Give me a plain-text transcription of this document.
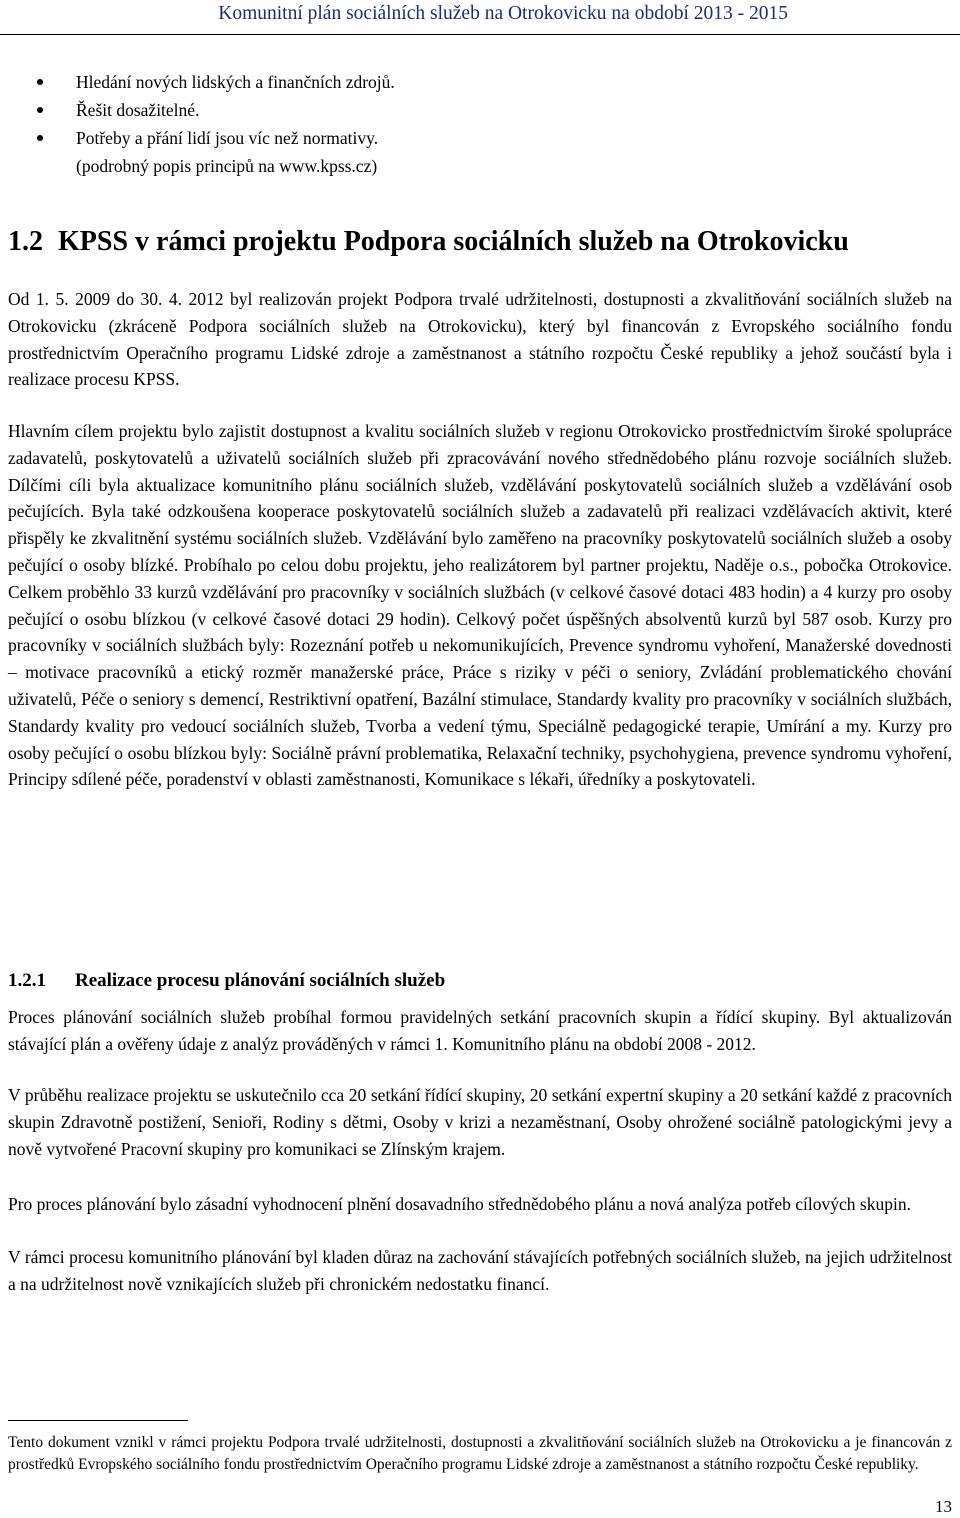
Komunitní plán sociálních služeb na Otrokovicku na období 2013 - 2015
Hledání nových lidských a finančních zdrojů.
Řešit dosažitelné.
Potřeby a přání lidí jsou víc než normativy.
(podrobný popis principů na www.kpss.cz)
1.2 KPSS v rámci projektu Podpora sociálních služeb na Otrokovicku

Od 1. 5. 2009 do 30. 4. 2012 byl realizován projekt Podpora trvalé udržitelnosti, dostupnosti a zkvalitňování sociálních služeb na Otrokovicku (zkráceně Podpora sociálních služeb na Otrokovicku), který byl financován z Evropského sociálního fondu prostřednictvím Operačního programu Lidské zdroje a zaměstnanost a státního rozpočtu České republiky a jehož součástí byla i realizace procesu KPSS.

Hlavním cílem projektu bylo zajistit dostupnost a kvalitu sociálních služeb v regionu Otrokovicko prostřednictvím široké spolupráce zadavatelů, poskytovatelů a uživatelů sociálních služeb při zpracovávání nového střednědobého plánu rozvoje sociálních služeb. Dílčími cíli byla aktualizace komunitního plánu sociálních služeb, vzdělávání poskytovatelů sociálních služeb a vzdělávání osob pečujících. Byla také odzkoušena kooperace poskytovatelů sociálních služeb a zadavatelů při realizaci vzdělávacích aktivit, které přispěly ke zkvalitnění systému sociálních služeb. Vzdělávání bylo zaměřeno na pracovníky poskytovatelů sociálních služeb a osoby pečující o osoby blízké. Probíhalo po celou dobu projektu, jeho realizátorem byl partner projektu, Naděje o.s., pobočka Otrokovice. Celkem proběhlo 33 kurzů vzdělávání pro pracovníky v sociálních službách (v celkové časové dotaci 483 hodin) a 4 kurzy pro osoby pečující o osobu blízkou (v celkové časové dotaci 29 hodin). Celkový počet úspěšných absolventů kurzů byl 587 osob. Kurzy pro pracovníky v sociálních službách byly: Rozeznání potřeb u nekomunikujících, Prevence syndromu vyhoření, Manažerské dovednosti – motivace pracovníků a etický rozměr manažerské práce, Práce s riziky v péči o seniory, Zvládání problematického chování uživatelů, Péče o seniory s demencí, Restriktivní opatření, Bazální stimulace, Standardy kvality pro pracovníky v sociálních službách, Standardy kvality pro vedoucí sociálních služeb, Tvorba a vedení týmu, Speciálně pedagogické terapie, Umírání a my. Kurzy pro osoby pečující o osobu blízkou byly: Sociálně právní problematika, Relaxační techniky, psychohygiena, prevence syndromu vyhoření, Principy sdílené péče, poradenství v oblasti zaměstnanosti, Komunikace s lékaři, úředníky a poskytovateli.

1.2.1 Realizace procesu plánování sociálních služeb

Proces plánování sociálních služeb probíhal formou pravidelných setkání pracovních skupin a řídící skupiny. Byl aktualizován stávající plán a ověřeny údaje z analýz prováděných v rámci 1. Komunitního plánu na období 2008 - 2012.

V průběhu realizace projektu se uskutečnilo cca 20 setkání řídící skupiny, 20 setkání expertní skupiny a 20 setkání každé z pracovních skupin Zdravotně postižení, Senioři, Rodiny s dětmi, Osoby v krizi a nezaměstnaní, Osoby ohrožené sociálně patologickými jevy a nově vytvořené Pracovní skupiny pro komunikaci se Zlínským krajem.

Pro proces plánování bylo zásadní vyhodnocení plnění dosavadního střednědobého plánu a nová analýza potřeb cílových skupin.

V rámci procesu komunitního plánování byl kladen důraz na zachování stávajících potřebných sociálních služeb, na jejich udržitelnost a na udržitelnost nově vznikajících služeb při chronickém nedostatku financí.

Tento dokument vznikl v rámci projektu Podpora trvalé udržitelnosti, dostupnosti a zkvalitňování sociálních služeb na Otrokovicku a je financován z prostředků Evropského sociálního fondu prostřednictvím Operačního programu Lidské zdroje a zaměstnanost a státního rozpočtu České republiky.

13
